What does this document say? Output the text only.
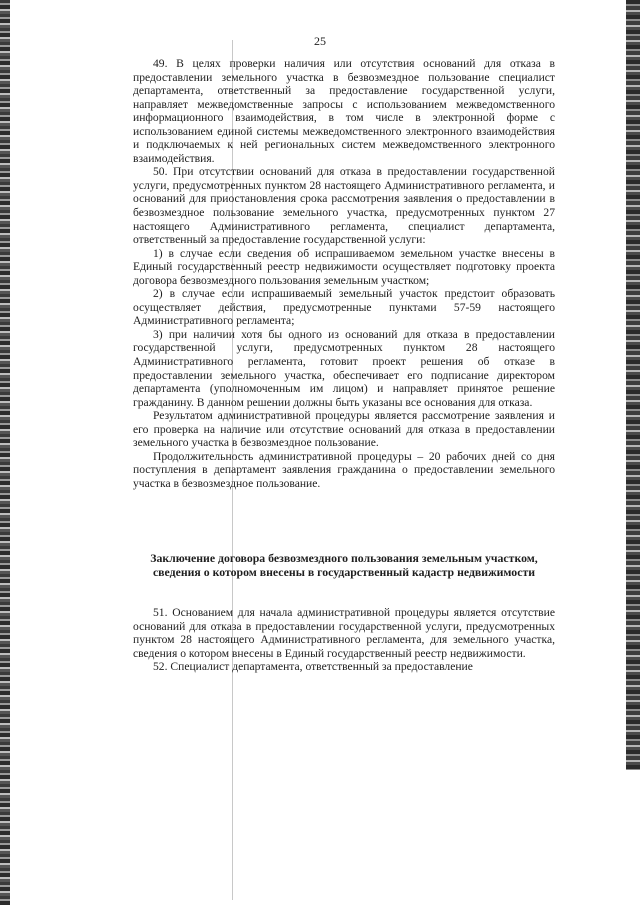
25

49. В целях проверки наличия или отсутствия оснований для отказа в предоставлении земельного участка в безвозмездное пользование специалист департамента, ответственный за предоставление государственной услуги, направляет межведомственные запросы с использованием межведомственного информационного взаимодействия, в том числе в электронной форме с использованием единой системы межведомственного электронного взаимодействия и подключаемых к ней региональных систем межведомственного электронного взаимодействия.

50. При отсутствии оснований для отказа в предоставлении государственной услуги, предусмотренных пунктом 28 настоящего Административного регламента, и оснований для приостановления срока рассмотрения заявления о предоставлении в безвозмездное пользование земельного участка, предусмотренных пунктом 27 настоящего Административного регламента, специалист департамента, ответственный за предоставление государственной услуги:

1) в случае если сведения об испрашиваемом земельном участке внесены в Единый государственный реестр недвижимости осуществляет подготовку проекта договора безвозмездного пользования земельным участком;

2) в случае если испрашиваемый земельный участок предстоит образовать осуществляет действия, предусмотренные пунктами 57-59 настоящего Административного регламента;

3) при наличии хотя бы одного из оснований для отказа в предоставлении государственной услуги, предусмотренных пунктом 28 настоящего Административного регламента, готовит проект решения об отказе в предоставлении земельного участка, обеспечивает его подписание директором департамента (уполномоченным им лицом) и направляет принятое решение гражданину. В данном решении должны быть указаны все основания для отказа.

Результатом административной процедуры является рассмотрение заявления и его проверка на наличие или отсутствие оснований для отказа в предоставлении земельного участка в безвозмездное пользование.

Продолжительность административной процедуры – 20 рабочих дней со дня поступления в департамент заявления гражданина о предоставлении земельного участка в безвозмездное пользование.

Заключение договора безвозмездного пользования земельным участком, сведения о котором внесены в государственный кадастр недвижимости

51. Основанием для начала административной процедуры является отсутствие оснований для отказа в предоставлении государственной услуги, предусмотренных пунктом 28 настоящего Административного регламента, для земельного участка, сведения о котором внесены в Единый государственный реестр недвижимости.

52. Специалист департамента, ответственный за предоставление
